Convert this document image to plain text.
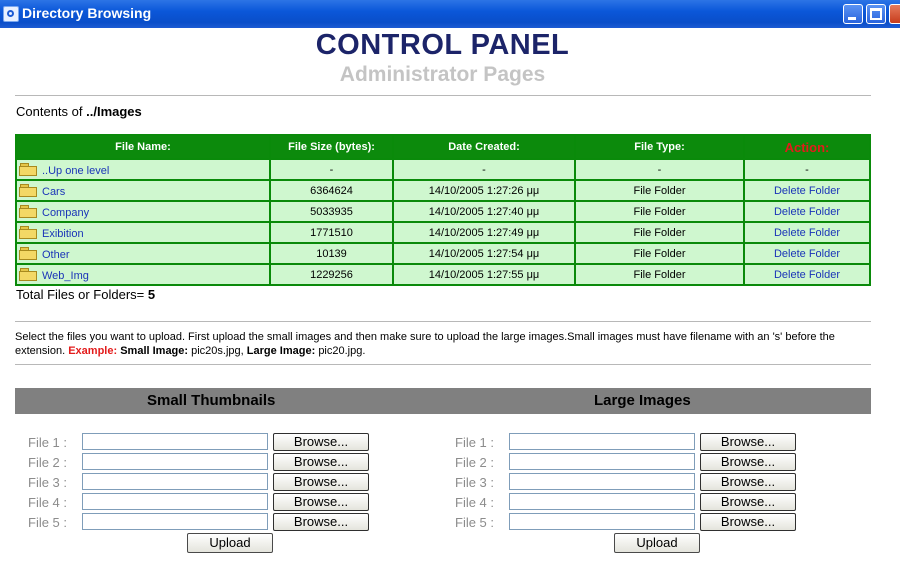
Directory Browsing
CONTROL PANEL
Administrator Pages
Contents of ../Images
File Name:	File Size (bytes):	Date Created:	File Type:	Action:
..Up one level	-	-	-	-
Cars	6364624	14/10/2005 1:27:26 μμ	File Folder	Delete Folder
Company	5033935	14/10/2005 1:27:40 μμ	File Folder	Delete Folder
Exibition	1771510	14/10/2005 1:27:49 μμ	File Folder	Delete Folder
Other	10139	14/10/2005 1:27:54 μμ	File Folder	Delete Folder
Web_Img	1229256	14/10/2005 1:27:55 μμ	File Folder	Delete Folder
Total Files or Folders= 5
Select the files you want to upload. First upload the small images and then make sure to upload the large images.Small images must have filename with an 's' before the extension. Example: Small Image: pic20s.jpg, Large Image: pic20.jpg.
Small Thumbnails	Large Images
File 1 :	Browse...
File 2 :	Browse...
File 3 :	Browse...
File 4 :	Browse...
File 5 :	Browse...
Upload
File 1 :	Browse...
File 2 :	Browse...
File 3 :	Browse...
File 4 :	Browse...
File 5 :	Browse...
Upload
